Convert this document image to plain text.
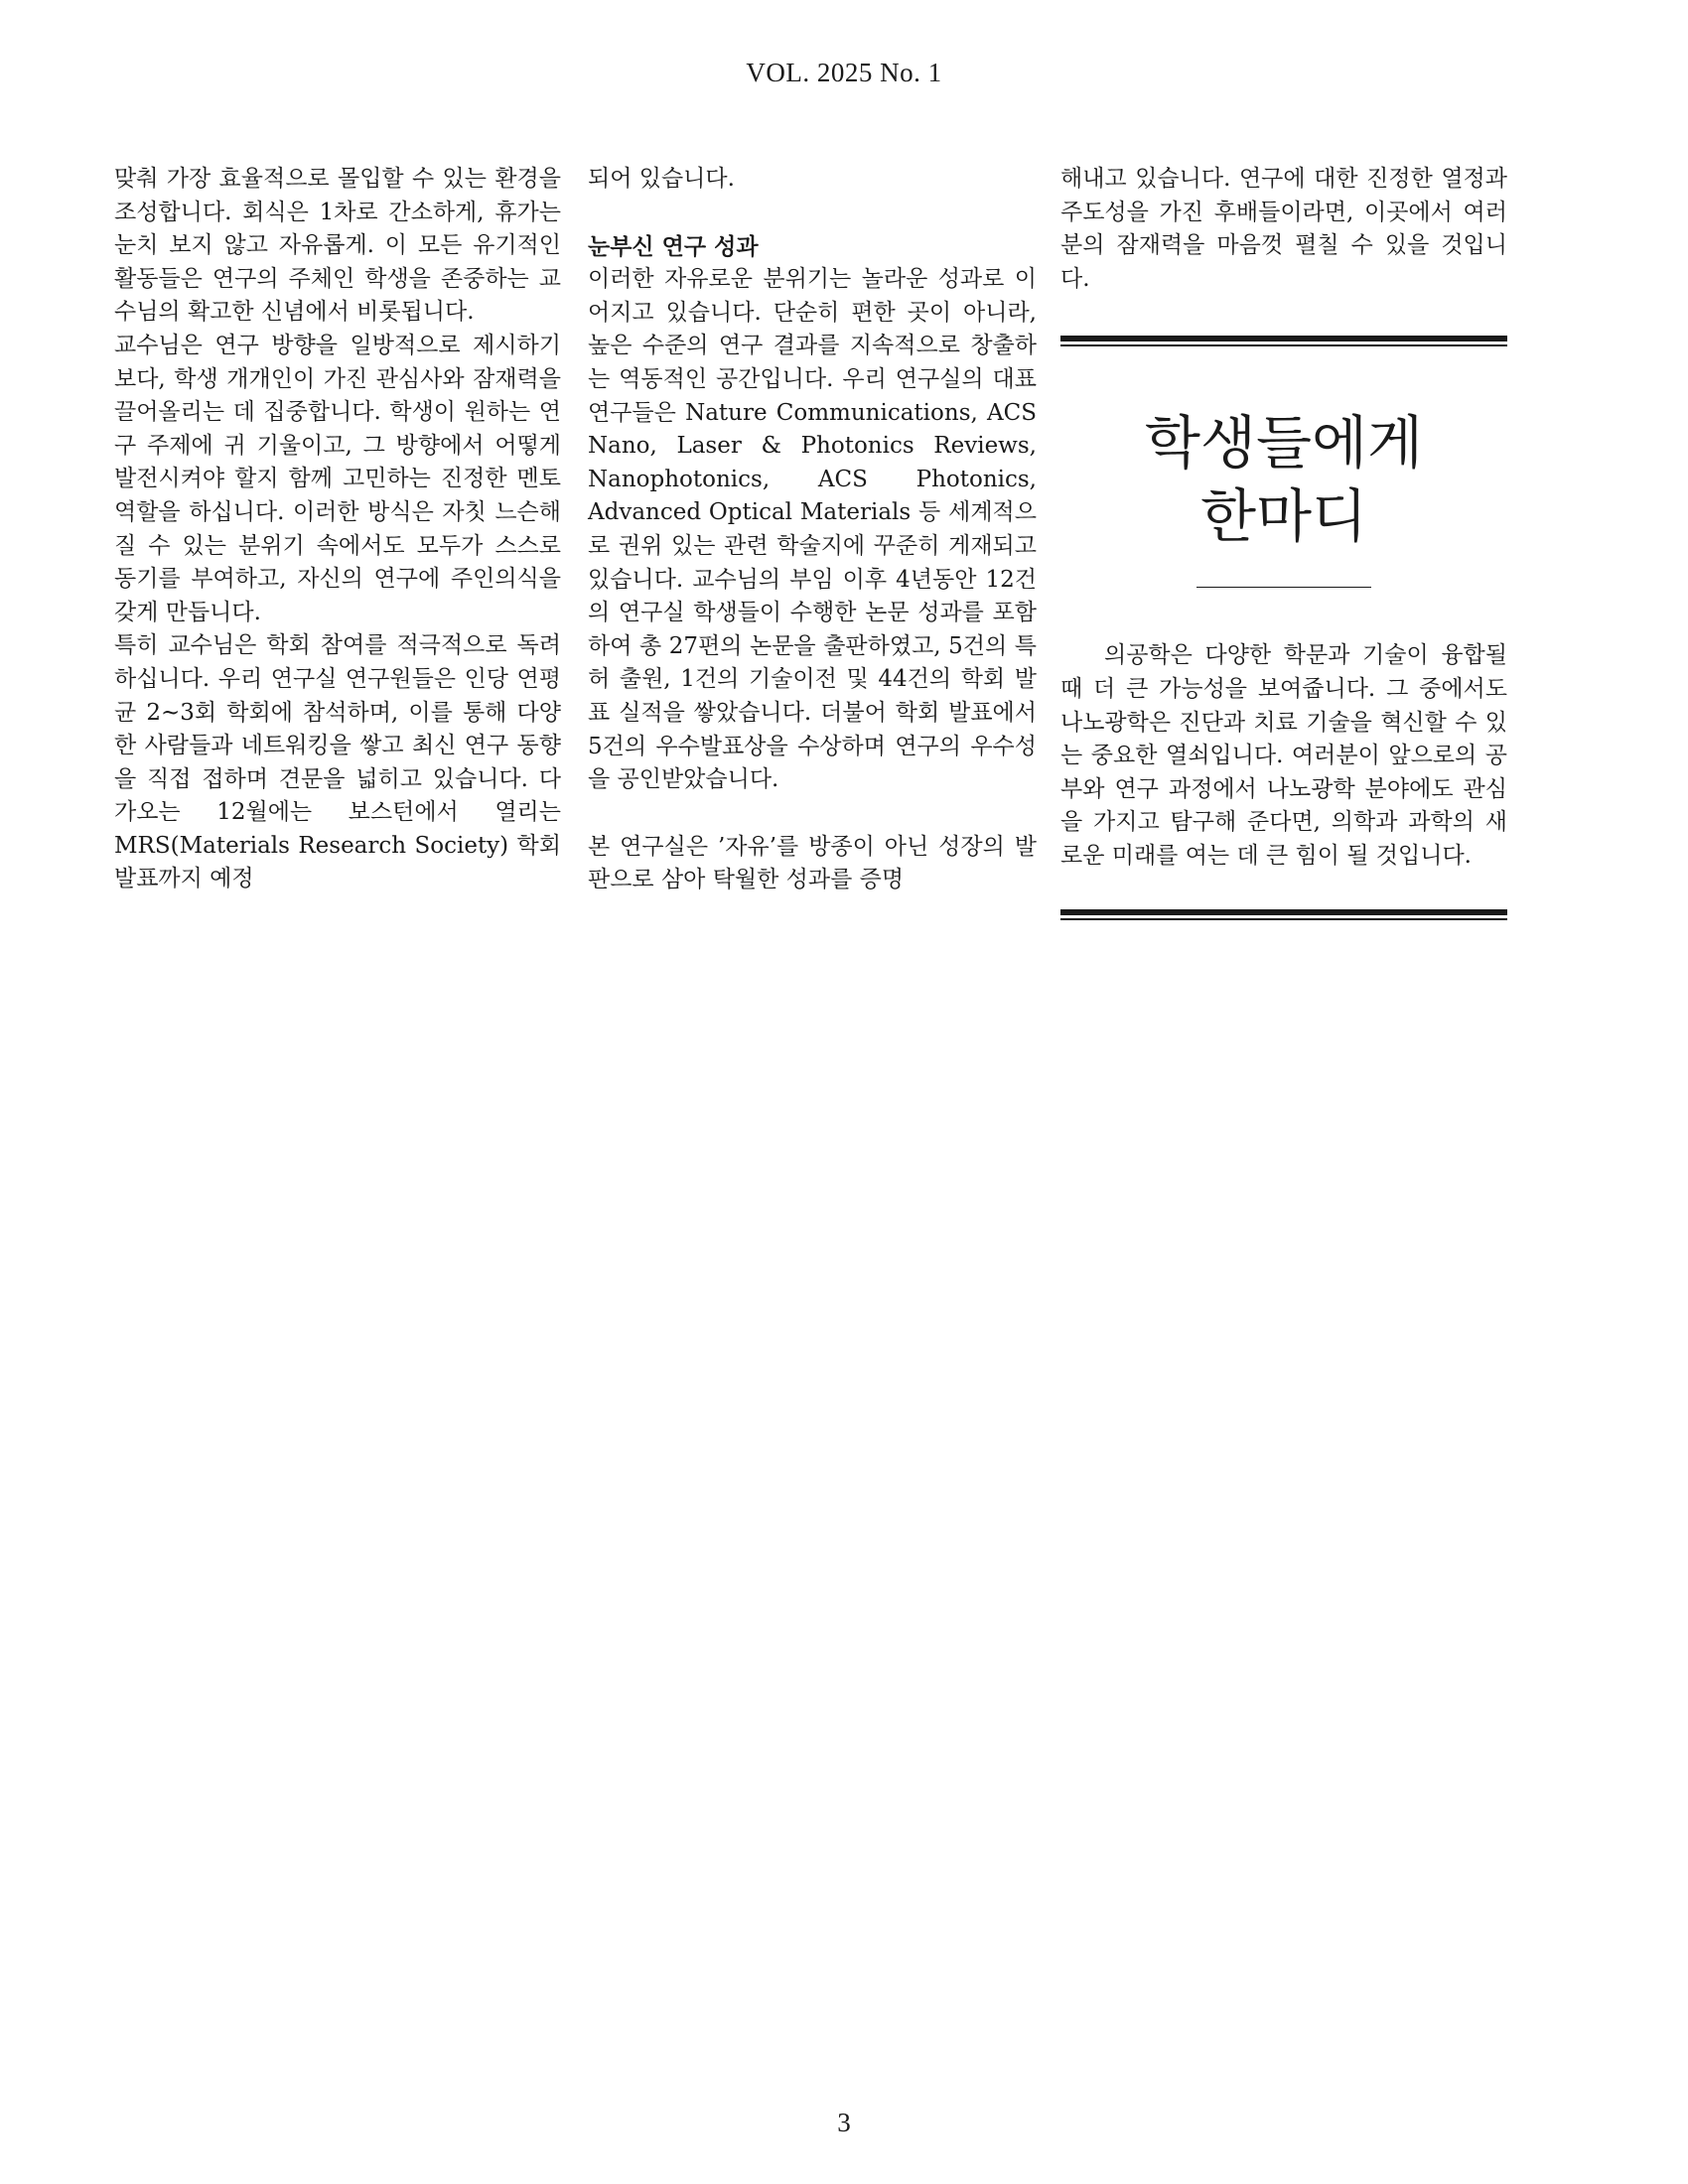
VOL. 2025 No. 1

맞춰 가장 효율적으로 몰입할 수 있는 환경을 조성합니다. 회식은 1차로 간소하게, 휴가는 눈치 보지 않고 자유롭게. 이 모든 유기적인 활동들은 연구의 주체인 학생을 존중하는 교수님의 확고한 신념에서 비롯됩니다.

교수님은 연구 방향을 일방적으로 제시하기보다, 학생 개개인이 가진 관심사와 잠재력을 끌어올리는 데 집중합니다. 학생이 원하는 연구 주제에 귀 기울이고, 그 방향에서 어떻게 발전시켜야 할지 함께 고민하는 진정한 멘토 역할을 하십니다. 이러한 방식은 자칫 느슨해질 수 있는 분위기 속에서도 모두가 스스로 동기를 부여하고, 자신의 연구에 주인의식을 갖게 만듭니다.

특히 교수님은 학회 참여를 적극적으로 독려하십니다. 우리 연구실 연구원들은 인당 연평균 2~3회 학회에 참석하며, 이를 통해 다양한 사람들과 네트워킹을 쌓고 최신 연구 동향을 직접 접하며 견문을 넓히고 있습니다. 다가오는 12월에는 보스턴에서 열리는 MRS(Materials Research Society) 학회 발표까지 예정

되어 있습니다.

눈부신 연구 성과

이러한 자유로운 분위기는 놀라운 성과로 이어지고 있습니다. 단순히 편한 곳이 아니라, 높은 수준의 연구 결과를 지속적으로 창출하는 역동적인 공간입니다. 우리 연구실의 대표 연구들은 Nature Communications, ACS Nano, Laser & Photonics Reviews, Nanophotonics, ACS Photonics, Advanced Optical Materials 등 세계적으로 권위 있는 관련 학술지에 꾸준히 게재되고 있습니다. 교수님의 부임 이후 4년동안 12건의 연구실 학생들이 수행한 논문 성과를 포함하여 총 27편의 논문을 출판하였고, 5건의 특허 출원, 1건의 기술이전 및 44건의 학회 발표 실적을 쌓았습니다. 더불어 학회 발표에서 5건의 우수발표상을 수상하며 연구의 우수성을 공인받았습니다.

본 연구실은 ’자유’를 방종이 아닌 성장의 발판으로 삼아 탁월한 성과를 증명

해내고 있습니다. 연구에 대한 진정한 열정과 주도성을 가진 후배들이라면, 이곳에서 여러분의 잠재력을 마음껏 펼칠 수 있을 것입니다.

학생들에게
한마디

의공학은 다양한 학문과 기술이 융합될 때 더 큰 가능성을 보여줍니다. 그 중에서도 나노광학은 진단과 치료 기술을 혁신할 수 있는 중요한 열쇠입니다. 여러분이 앞으로의 공부와 연구 과정에서 나노광학 분야에도 관심을 가지고 탐구해 준다면, 의학과 과학의 새로운 미래를 여는 데 큰 힘이 될 것입니다.

3
